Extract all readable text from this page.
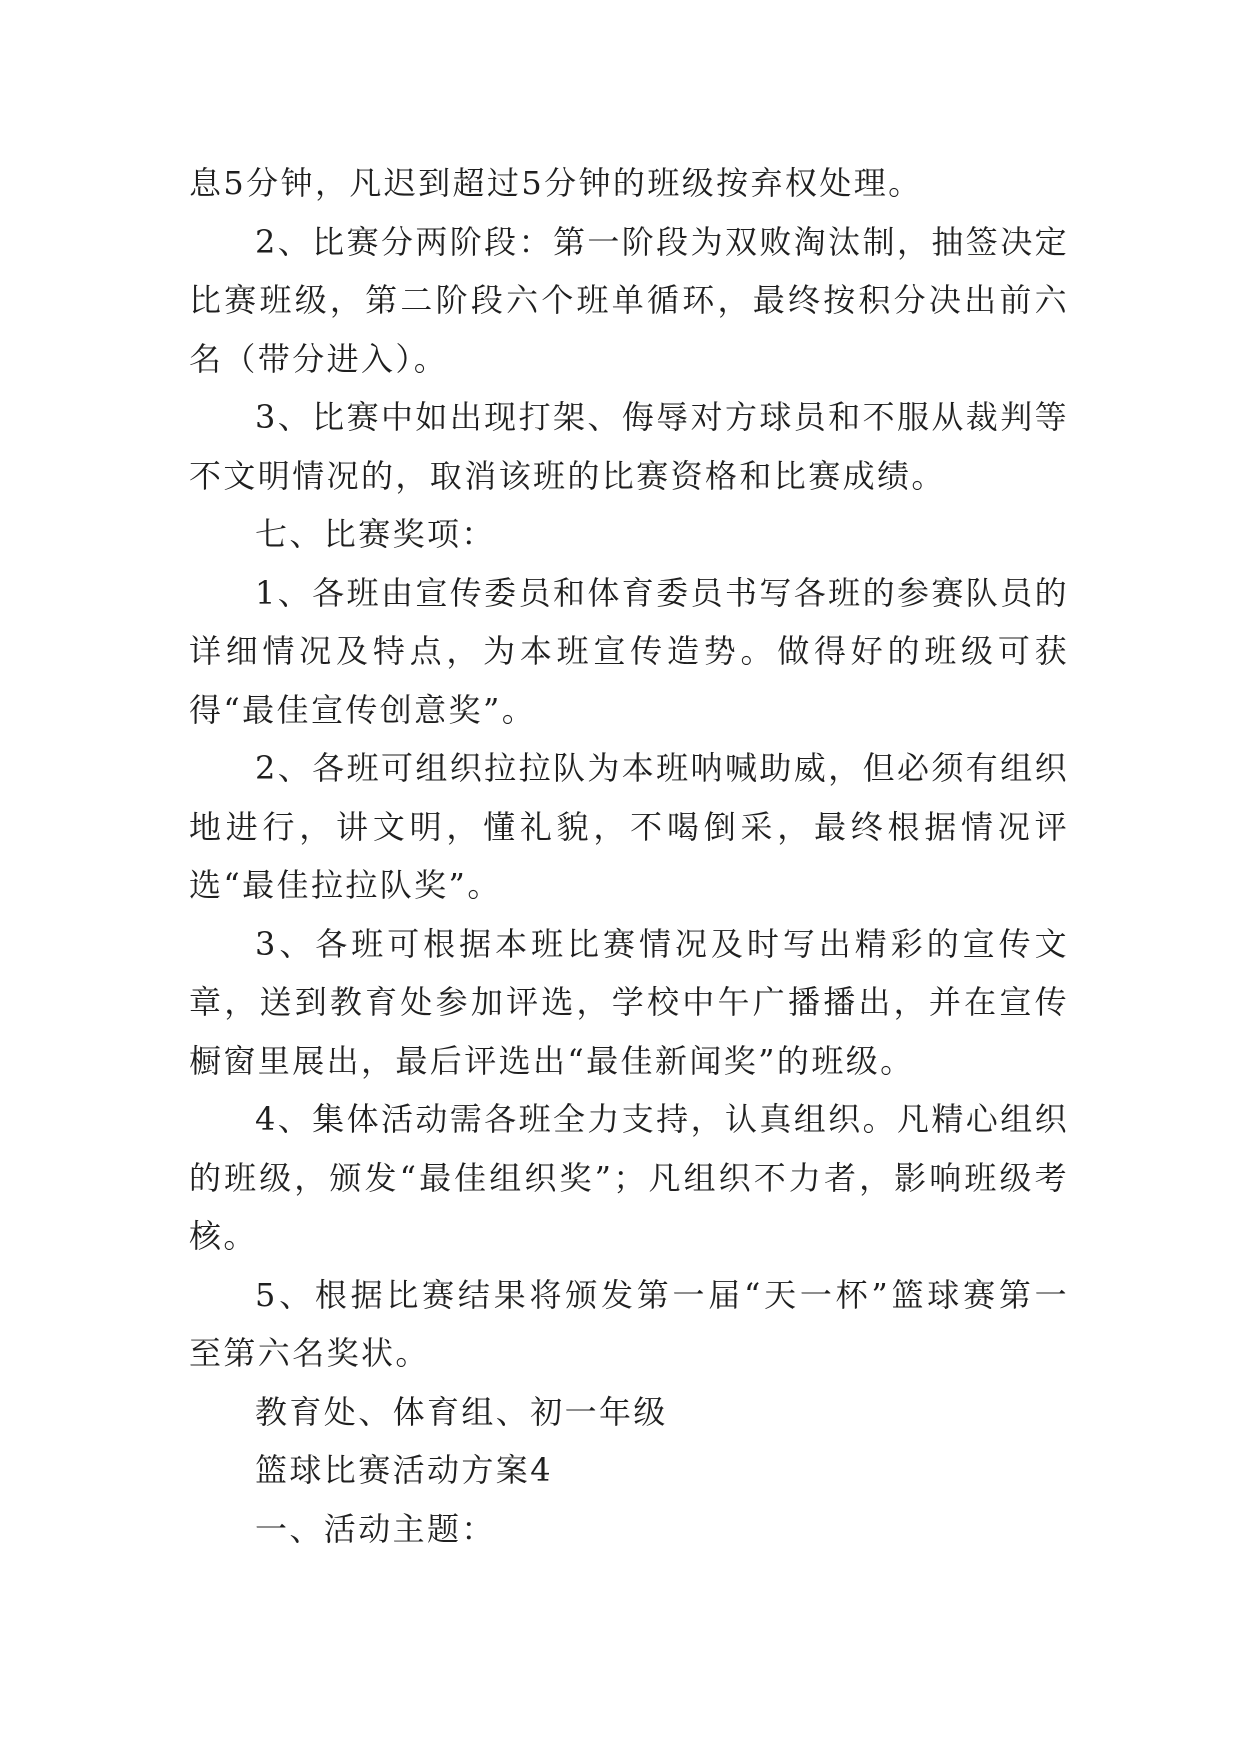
息5分钟，凡迟到超过5分钟的班级按弃权处理。

2、比赛分两阶段：第一阶段为双败淘汰制，抽签决定比赛班级，第二阶段六个班单循环，最终按积分决出前六名（带分进入）。

3、比赛中如出现打架、侮辱对方球员和不服从裁判等不文明情况的，取消该班的比赛资格和比赛成绩。

七、比赛奖项：

1、各班由宣传委员和体育委员书写各班的参赛队员的详细情况及特点，为本班宣传造势。做得好的班级可获得“最佳宣传创意奖”。

2、各班可组织拉拉队为本班呐喊助威，但必须有组织地进行，讲文明，懂礼貌，不喝倒采，最终根据情况评选“最佳拉拉队奖”。

3、各班可根据本班比赛情况及时写出精彩的宣传文章，送到教育处参加评选，学校中午广播播出，并在宣传橱窗里展出，最后评选出“最佳新闻奖”的班级。

4、集体活动需各班全力支持，认真组织。凡精心组织的班级，颁发“最佳组织奖”；凡组织不力者，影响班级考核。

5、根据比赛结果将颁发第一届“天一杯”篮球赛第一至第六名奖状。

教育处、体育组、初一年级

篮球比赛活动方案4

一、活动主题：
